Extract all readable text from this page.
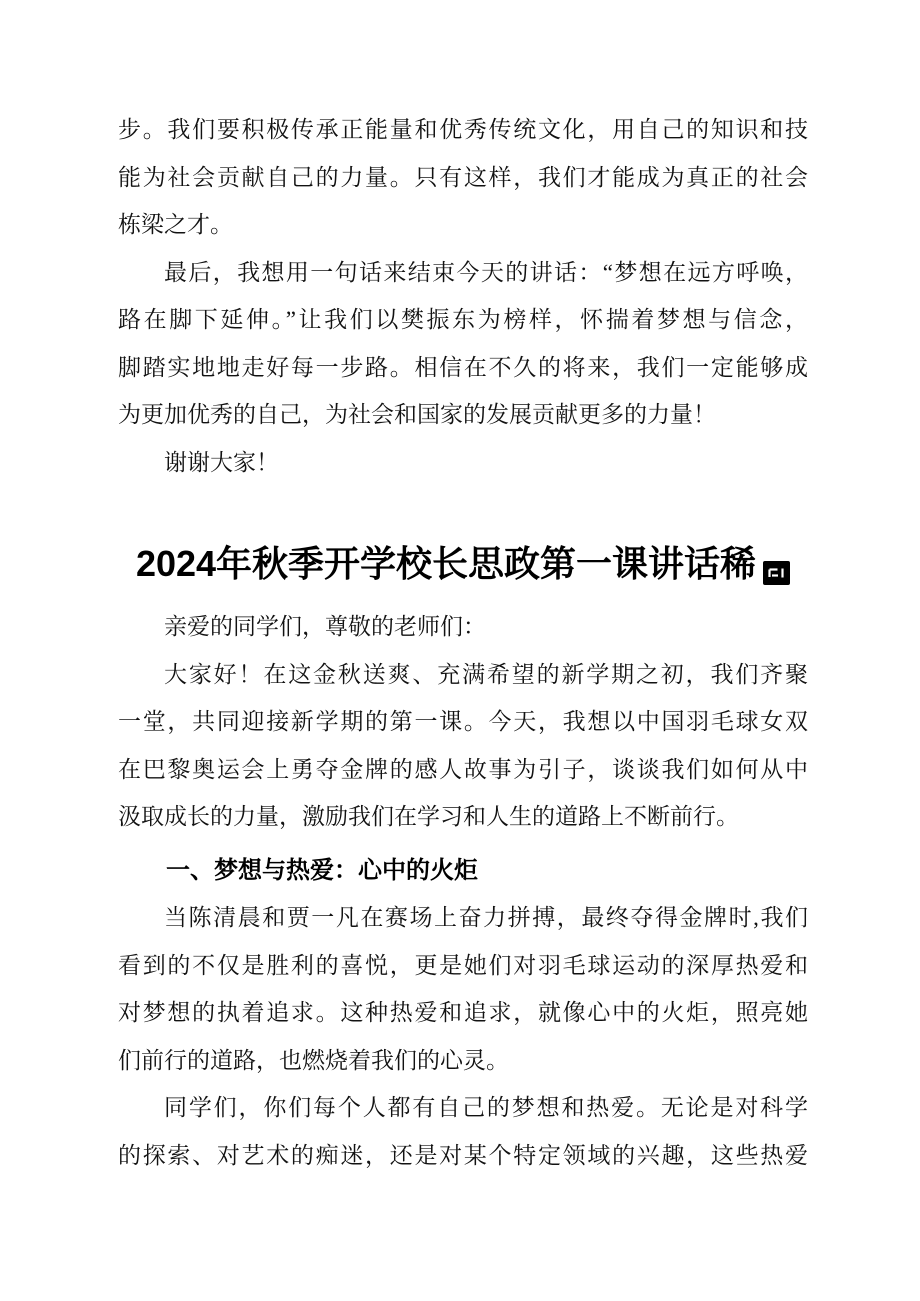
步。我们要积极传承正能量和优秀传统文化，用自己的知识和技
能为社会贡献自己的力量。只有这样，我们才能成为真正的社会
栋梁之才。
最后，我想用一句话来结束今天的讲话：“梦想在远方呼唤，
路在脚下延伸。”让我们以樊振东为榜样，怀揣着梦想与信念，
脚踏实地地走好每一步路。相信在不久的将来，我们一定能够成
为更加优秀的自己，为社会和国家的发展贡献更多的力量！
谢谢大家！
2024年秋季开学校长思政第一课讲话稀
亲爱的同学们，尊敬的老师们：
大家好！在这金秋送爽、充满希望的新学期之初，我们齐聚
一堂，共同迎接新学期的第一课。今天，我想以中国羽毛球女双
在巴黎奥运会上勇夺金牌的感人故事为引子，谈谈我们如何从中
汲取成长的力量，激励我们在学习和人生的道路上不断前行。
一、梦想与热爱：心中的火炬
当陈清晨和贾一凡在赛场上奋力拼搏，最终夺得金牌时,我们
看到的不仅是胜利的喜悦，更是她们对羽毛球运动的深厚热爱和
对梦想的执着追求。这种热爱和追求，就像心中的火炬，照亮她
们前行的道路，也燃烧着我们的心灵。
同学们，你们每个人都有自己的梦想和热爱。无论是对科学
的探索、对艺术的痴迷，还是对某个特定领域的兴趣，这些热爱
